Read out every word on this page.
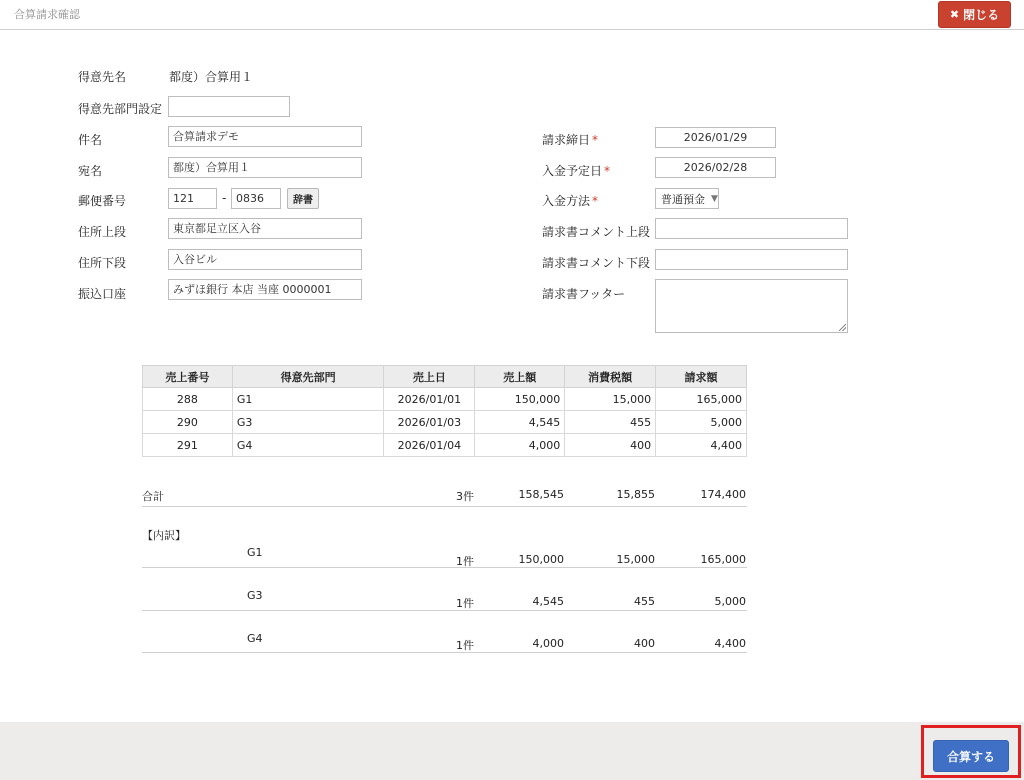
合算請求確認	✖ 閉じる
得意先名	都度）合算用１
得意先部門設定
件名	合算請求デモ
宛名	都度）合算用１
郵便番号	121	- 0836	辞書
住所上段	東京都足立区入谷
住所下段	入谷ビル
振込口座	みずほ銀行 本店 当座 0000001
請求締日 *	2026/01/29
入金予定日 *	2026/02/28
入金方法 *	普通預金 ▼
請求書コメント上段
請求書コメント下段
請求書フッター
売上番号	得意先部門	売上日	売上額	消費税額	請求額
288	G1	2026/01/01	150,000	15,000	165,000
290	G3	2026/01/03	4,545	455	5,000
291	G4	2026/01/04	4,000	400	4,400
合計	3件	158,545	15,855	174,400
【内訳】
G1
1件	150,000	15,000	165,000
G3
1件	4,545	455	5,000
G4
1件	4,000	400	4,400
合算する
